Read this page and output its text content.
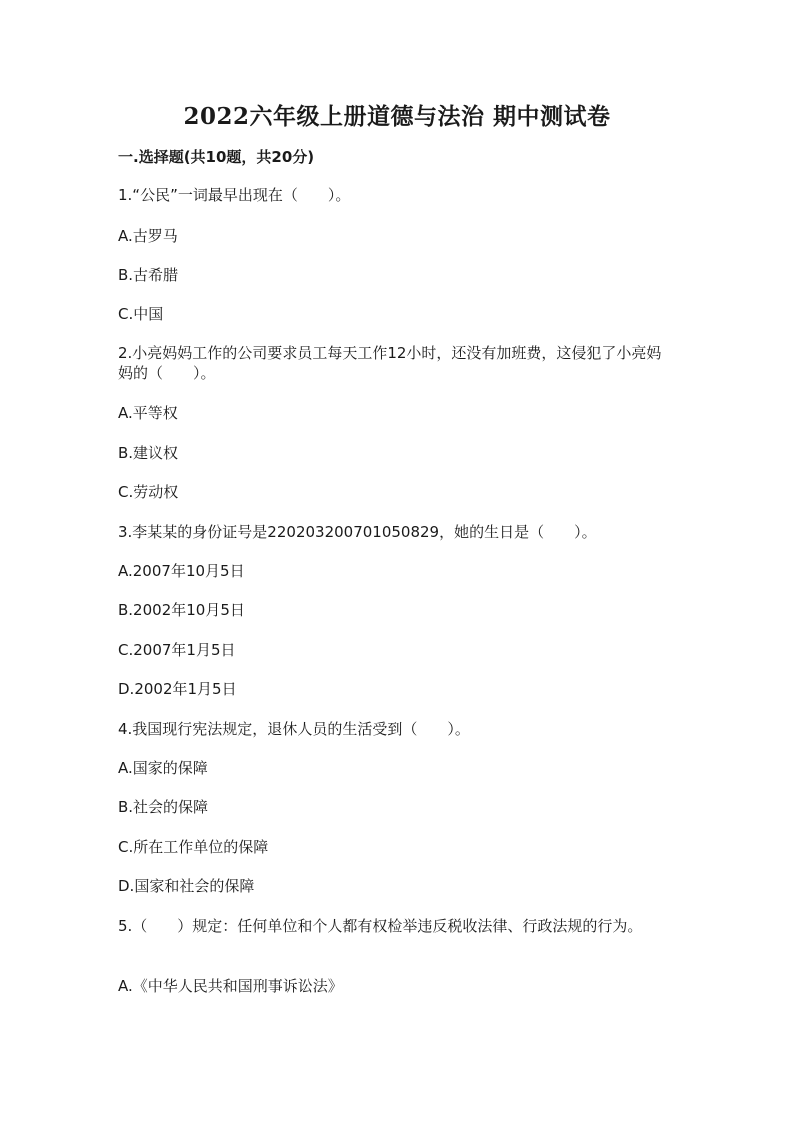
2022六年级上册道德与法治 期中测试卷
一.选择题(共10题，共20分)
1.“公民”一词最早出现在（　　）。
A.古罗马
B.古希腊
C.中国
2.小亮妈妈工作的公司要求员工每天工作12小时，还没有加班费，这侵犯了小亮妈妈的（　　）。
A.平等权
B.建议权
C.劳动权
3.李某某的身份证号是220203200701050829，她的生日是（　　）。
A.2007年10月5日
B.2002年10月5日
C.2007年1月5日
D.2002年1月5日
4.我国现行宪法规定，退休人员的生活受到（　　）。
A.国家的保障
B.社会的保障
C.所在工作单位的保障
D.国家和社会的保障
5.（　　）规定：任何单位和个人都有权检举违反税收法律、行政法规的行为。
A.《中华人民共和国刑事诉讼法》
